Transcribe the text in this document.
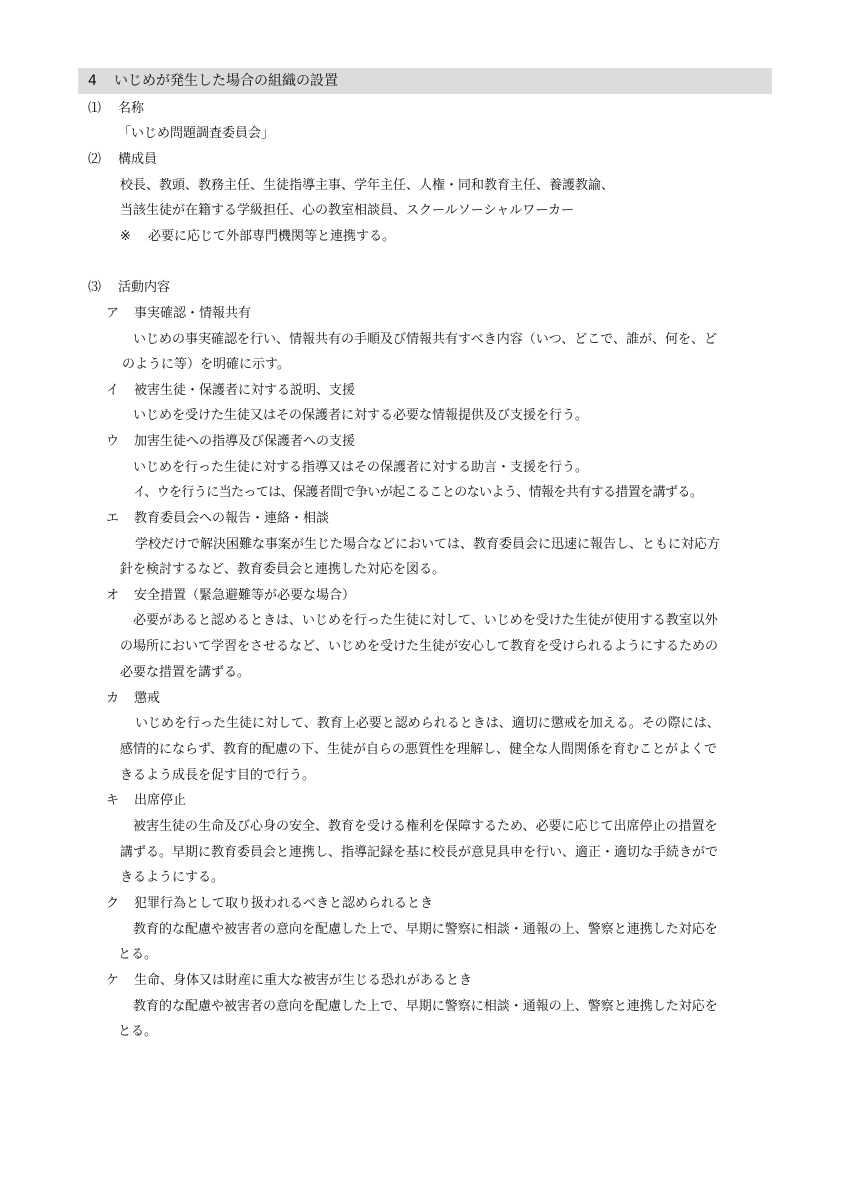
4 いじめが発生した場合の組織の設置
⑴ 名称
「いじめ問題調査委員会」
⑵ 構成員
校長、教頭、教務主任、生徒指導主事、学年主任、人権・同和教育主任、養護教諭、
当該生徒が在籍する学級担任、心の教室相談員、スクールソーシャルワーカー
※ 必要に応じて外部専門機関等と連携する。
⑶ 活動内容
ア 事実確認・情報共有
いじめの事実確認を行い、情報共有の手順及び情報共有すべき内容（いつ、どこで、誰が、何を、ど
のように等）を明確に示す。
イ 被害生徒・保護者に対する説明、支援
いじめを受けた生徒又はその保護者に対する必要な情報提供及び支援を行う。
ウ 加害生徒への指導及び保護者への支援
いじめを行った生徒に対する指導又はその保護者に対する助言・支援を行う。
イ、ウを行うに当たっては、保護者間で争いが起こることのないよう、情報を共有する措置を講ずる。
エ 教育委員会への報告・連絡・相談
学校だけで解決困難な事案が生じた場合などにおいては、教育委員会に迅速に報告し、ともに対応方
針を検討するなど、教育委員会と連携した対応を図る。
オ 安全措置（緊急避難等が必要な場合）
必要があると認めるときは、いじめを行った生徒に対して、いじめを受けた生徒が使用する教室以外
の場所において学習をさせるなど、いじめを受けた生徒が安心して教育を受けられるようにするための
必要な措置を講ずる。
カ 懲戒
いじめを行った生徒に対して、教育上必要と認められるときは、適切に懲戒を加える。その際には、
感情的にならず、教育的配慮の下、生徒が自らの悪質性を理解し、健全な人間関係を育むことがよくで
きるよう成長を促す目的で行う。
キ 出席停止
被害生徒の生命及び心身の安全、教育を受ける権利を保障するため、必要に応じて出席停止の措置を
講ずる。早期に教育委員会と連携し、指導記録を基に校長が意見具申を行い、適正・適切な手続きがで
きるようにする。
ク 犯罪行為として取り扱われるべきと認められるとき
教育的な配慮や被害者の意向を配慮した上で、早期に警察に相談・通報の上、警察と連携した対応を
とる。
ケ 生命、身体又は財産に重大な被害が生じる恐れがあるとき
教育的な配慮や被害者の意向を配慮した上で、早期に警察に相談・通報の上、警察と連携した対応を
とる。
